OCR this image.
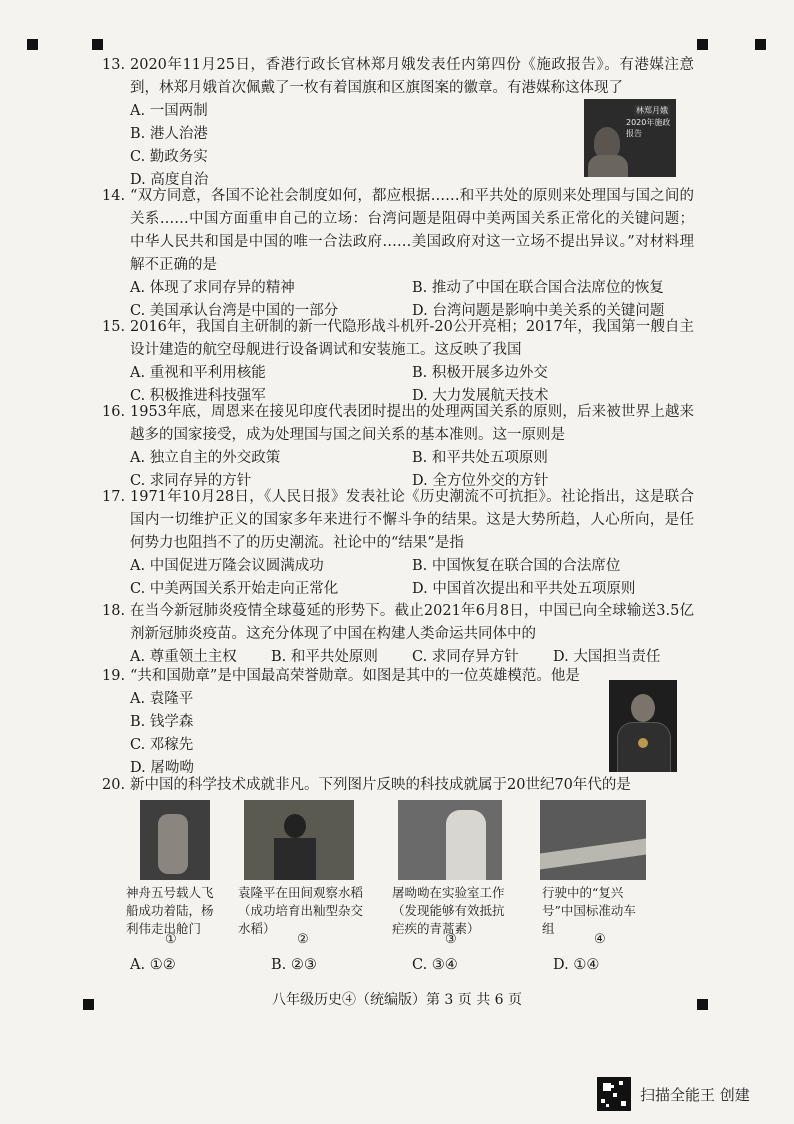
13. 2020年11月25日，香港行政长官林郑月娥发表任内第四份《施政报告》。有港媒注意到，林郑月娥首次佩戴了一枚有着国旗和区旗图案的徽章。有港媒称这体现了
A. 一国两制
B. 港人治港
C. 勤政务实
D. 高度自治
林郑月娥
2020年施政报告
14. “双方同意，各国不论社会制度如何，都应根据……和平共处的原则来处理国与国之间的关系……中国方面重申自己的立场：台湾问题是阻碍中美两国关系正常化的关键问题；中华人民共和国是中国的唯一合法政府……美国政府对这一立场不提出异议。”对材料理解不正确的是
A. 体现了求同存异的精神	B. 推动了中国在联合国合法席位的恢复
C. 美国承认台湾是中国的一部分	D. 台湾问题是影响中美关系的关键问题
15. 2016年，我国自主研制的新一代隐形战斗机歼-20公开亮相；2017年，我国第一艘自主设计建造的航空母舰进行设备调试和安装施工。这反映了我国
A. 重视和平利用核能	B. 积极开展多边外交
C. 积极推进科技强军	D. 大力发展航天技术
16. 1953年底，周恩来在接见印度代表团时提出的处理两国关系的原则，后来被世界上越来越多的国家接受，成为处理国与国之间关系的基本准则。这一原则是
A. 独立自主的外交政策	B. 和平共处五项原则
C. 求同存异的方针	D. 全方位外交的方针
17. 1971年10月28日，《人民日报》发表社论《历史潮流不可抗拒》。社论指出，这是联合国内一切维护正义的国家多年来进行不懈斗争的结果。这是大势所趋，人心所向，是任何势力也阻挡不了的历史潮流。社论中的“结果”是指
A. 中国促进万隆会议圆满成功	B. 中国恢复在联合国的合法席位
C. 中美两国关系开始走向正常化	D. 中国首次提出和平共处五项原则
18. 在当今新冠肺炎疫情全球蔓延的形势下。截止2021年6月8日，中国已向全球输送3.5亿剂新冠肺炎疫苗。这充分体现了中国在构建人类命运共同体中的
A. 尊重领土主权	B. 和平共处原则	C. 求同存异方针	D. 大国担当责任
19. “共和国勋章”是中国最高荣誉勋章。如图是其中的一位英雄模范。他是
A. 袁隆平
B. 钱学森
C. 邓稼先
D. 屠呦呦
20. 新中国的科学技术成就非凡。下列图片反映的科技成就属于20世纪70年代的是
神舟五号载人飞船成功着陆，杨利伟走出舱门
袁隆平在田间观察水稻（成功培育出籼型杂交水稻）
屠呦呦在实验室工作（发现能够有效抵抗疟疾的青蒿素）
行驶中的“复兴号”中国标准动车组
①	②	③	④
A. ①②	B. ②③	C. ③④	D. ①④
八年级历史④（统编版）第 3 页 共 6 页
扫描全能王 创建
